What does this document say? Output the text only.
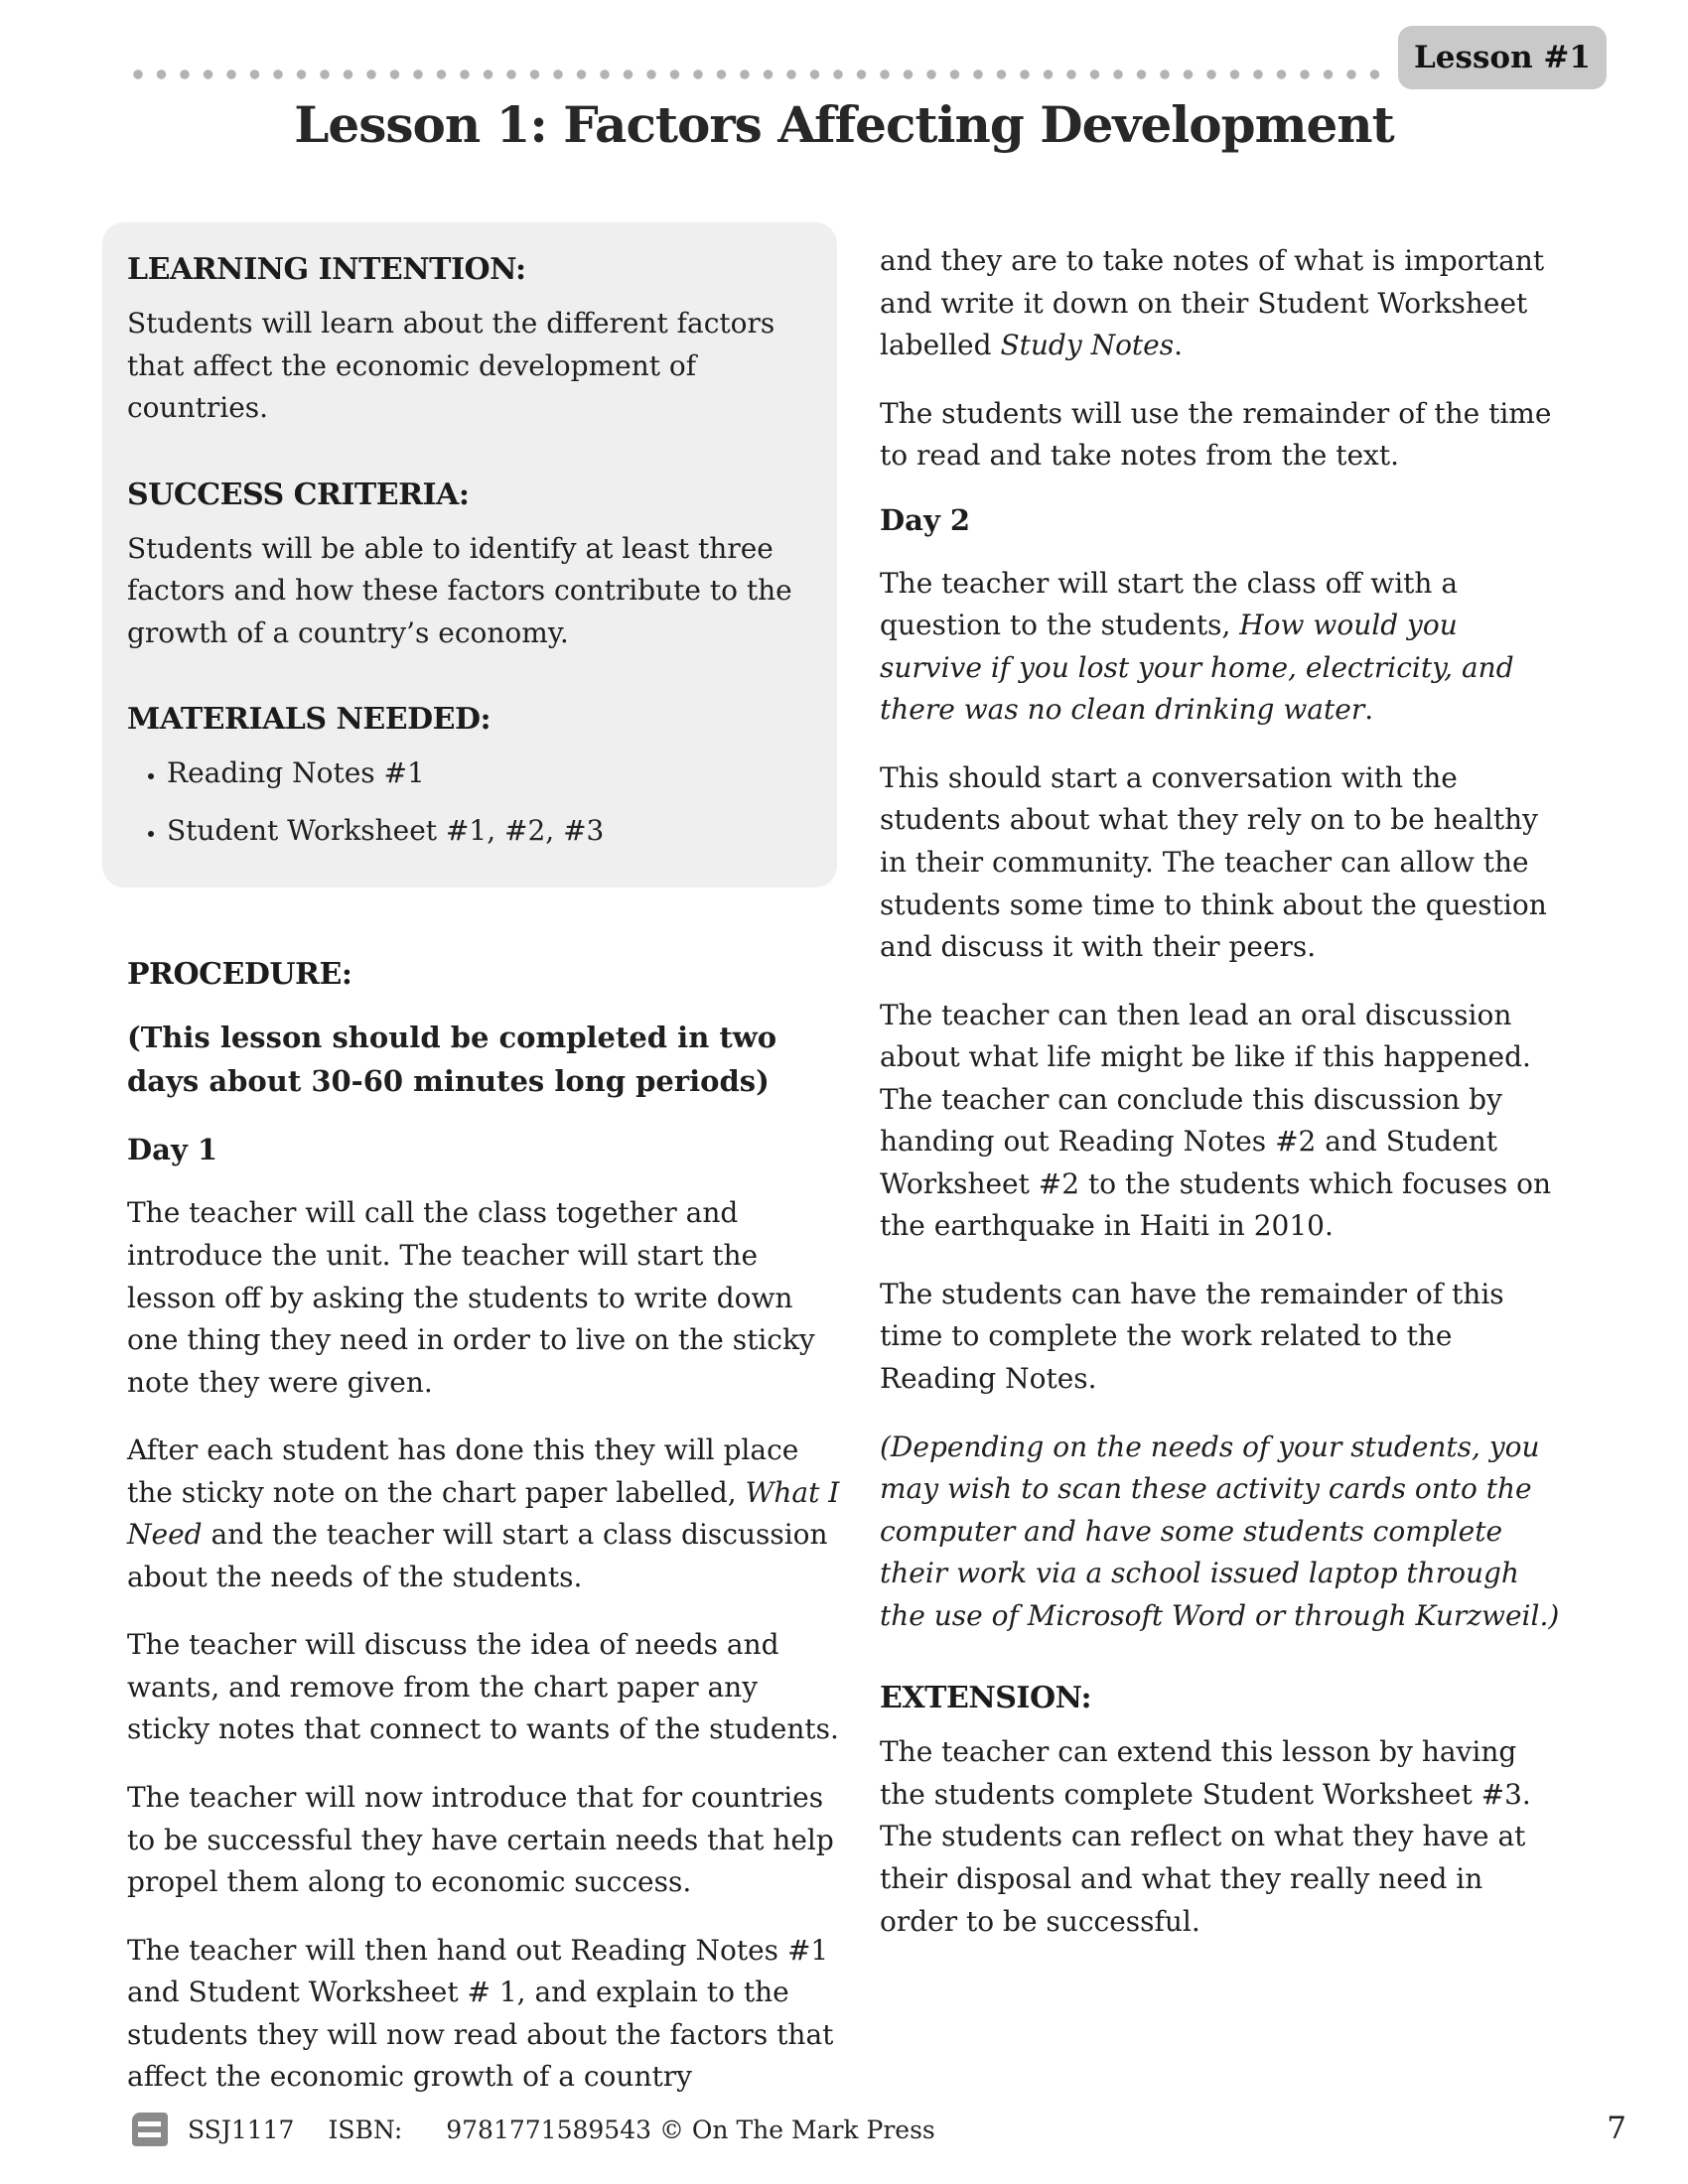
Lesson #1
Lesson 1: Factors Affecting Development
LEARNING INTENTION:

Students will learn about the different factors that affect the economic development of countries.

SUCCESS CRITERIA:

Students will be able to identify at least three factors and how these factors contribute to the growth of a country’s economy.

MATERIALS NEEDED:
• Reading Notes #1
• Student Worksheet #1, #2, #3
PROCEDURE:

(This lesson should be completed in two days about 30-60 minutes long periods)

Day 1

The teacher will call the class together and introduce the unit. The teacher will start the lesson off by asking the students to write down one thing they need in order to live on the sticky note they were given.

After each student has done this they will place the sticky note on the chart paper labelled, What I Need and the teacher will start a class discussion about the needs of the students.

The teacher will discuss the idea of needs and wants, and remove from the chart paper any sticky notes that connect to wants of the students.

The teacher will now introduce that for countries to be successful they have certain needs that help propel them along to economic success.

The teacher will then hand out Reading Notes #1 and Student Worksheet # 1, and explain to the students they will now read about the factors that affect the economic growth of a country

and they are to take notes of what is important and write it down on their Student Worksheet labelled Study Notes.

The students will use the remainder of the time to read and take notes from the text.

Day 2

The teacher will start the class off with a question to the students, How would you survive if you lost your home, electricity, and there was no clean drinking water.

This should start a conversation with the students about what they rely on to be healthy in their community. The teacher can allow the students some time to think about the question and discuss it with their peers.

The teacher can then lead an oral discussion about what life might be like if this happened. The teacher can conclude this discussion by handing out Reading Notes #2 and Student Worksheet #2 to the students which focuses on the earthquake in Haiti in 2010.

The students can have the remainder of this time to complete the work related to the Reading Notes.

(Depending on the needs of your students, you may wish to scan these activity cards onto the computer and have some students complete their work via a school issued laptop through the use of Microsoft Word or through Kurzweil.)

EXTENSION:

The teacher can extend this lesson by having the students complete Student Worksheet #3. The students can reflect on what they have at their disposal and what they really need in order to be successful.

SSJ1117 ISBN: 9781771589543 © On The Mark Press	7
